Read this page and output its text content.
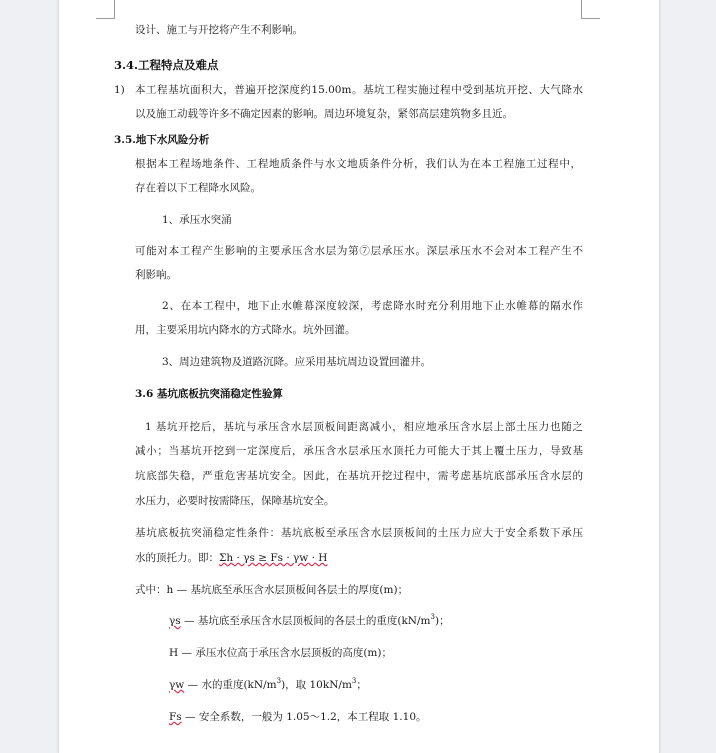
设计、施工与开挖将产生不利影响。
3.4.工程特点及难点
1) 本工程基坑面积大，普遍开挖深度约15.00m。基坑工程实施过程中受到基坑开挖、大气降水
以及施工动载等许多不确定因素的影响。周边环境复杂，紧邻高层建筑物多且近。
3.5.地下水风险分析
根据本工程场地条件、工程地质条件与水文地质条件分析，我们认为在本工程施工过程中，
存在着以下工程降水风险。
1、承压水突涌
可能对本工程产生影响的主要承压含水层为第⑦层承压水。深层承压水不会对本工程产生不
利影响。
2、在本工程中，地下止水帷幕深度较深，考虑降水时充分利用地下止水帷幕的隔水作
用，主要采用坑内降水的方式降水。坑外回灌。
3、周边建筑物及道路沉降。应采用基坑周边设置回灌井。
3.6 基坑底板抗突涌稳定性验算
1 基坑开挖后，基坑与承压含水层顶板间距离减小，相应地承压含水层上部土压力也随之
减小；当基坑开挖到一定深度后，承压含水层承压水顶托力可能大于其上覆土压力，导致基
坑底部失稳，严重危害基坑安全。因此，在基坑开挖过程中，需考虑基坑底部承压含水层的
水压力，必要时按需降压，保障基坑安全。
基坑底板抗突涌稳定性条件：基坑底板至承压含水层顶板间的土压力应大于安全系数下承压
水的顶托力。即：Σh · γs ≥ Fs · γw · H
式中：h — 基坑底至承压含水层顶板间各层土的厚度(m)；
γs — 基坑底至承压含水层顶板间的各层土的重度$(kN/m^3)$；
H — 承压水位高于承压含水层顶板的高度(m)；
γw — 水的重度$(kN/m^3)$，取 $10kN/m^3$；
Fs — 安全系数，一般为 1.05～1.2，本工程取 1.10。
